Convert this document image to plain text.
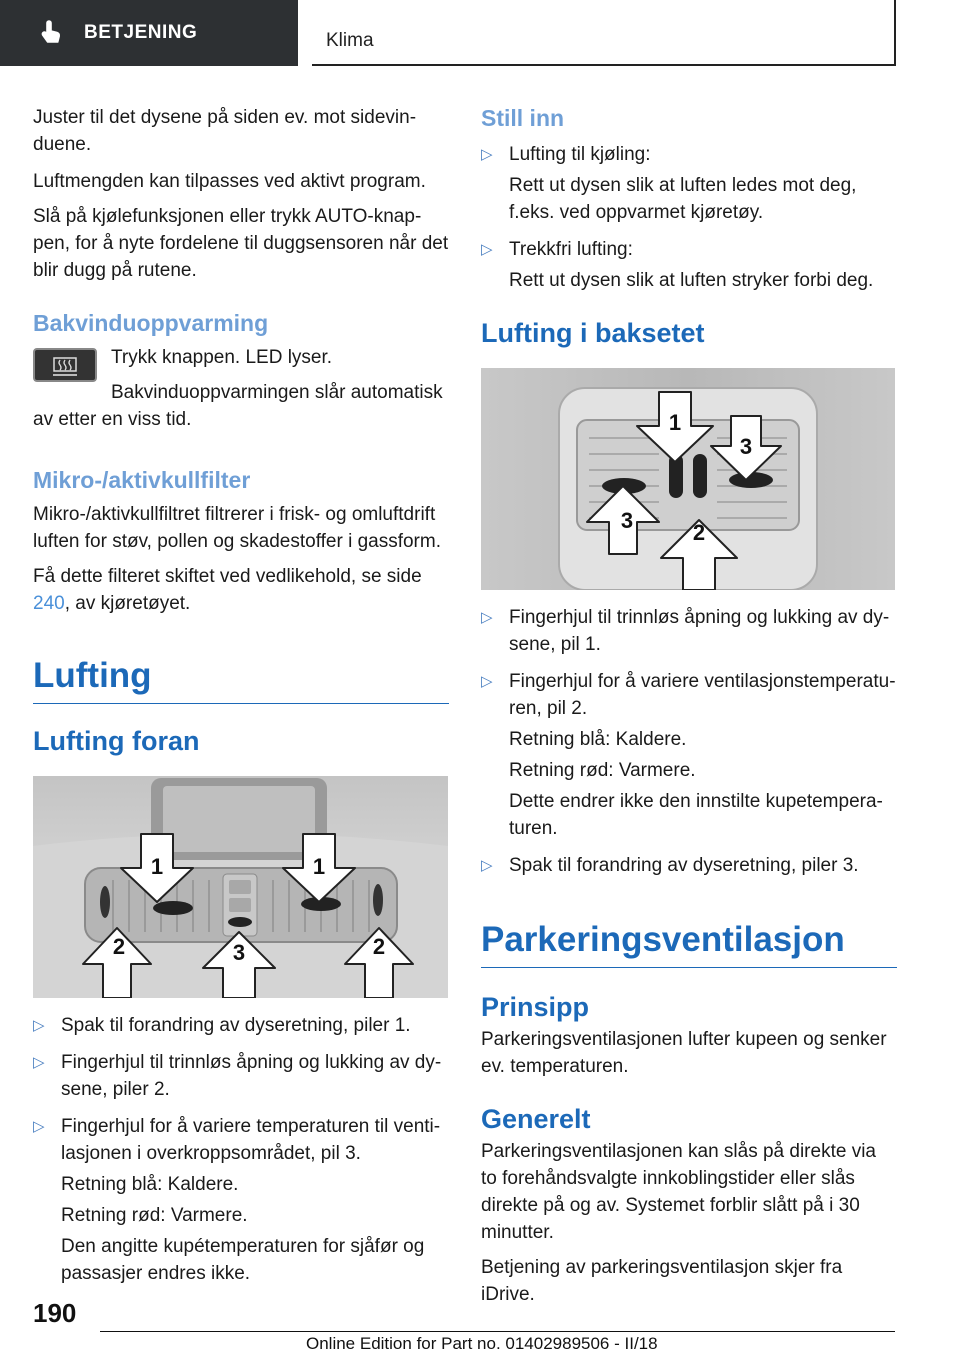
BETJENING	Klima

Juster til det dysene på siden ev. mot sidevinduene.

Luftmengden kan tilpasses ved aktivt program.

Slå på kjølefunksjonen eller trykk AUTO-knappen, for å nyte fordelene til duggsensoren når det blir dugg på rutene.

Bakvinduoppvarming

Trykk knappen. LED lyser.

Bakvinduoppvarmingen slår automatisk av etter en viss tid.

Mikro-/aktivkullfilter

Mikro-/aktivkullfiltret filtrerer i frisk- og omluftdrift luften for støv, pollen og skadestoffer i gassform.

Få dette filteret skiftet ved vedlikehold, se side 240, av kjøretøyet.

Lufting
Lufting foran
1	1
2	3	2
▷ Spak til forandring av dyseretning, piler 1.
▷ Fingerhjul til trinnløs åpning og lukking av dysene, piler 2.
▷ Fingerhjul for å variere temperaturen til ventilasjonen i overkroppsområdet, pil 3.
Retning blå: Kaldere.
Retning rød: Varmere.
Den angitte kupétemperaturen for sjåfør og passasjer endres ikke.
Still inn
▷ Lufting til kjøling:
Rett ut dysen slik at luften ledes mot deg, f.eks. ved oppvarmet kjøretøy.
▷ Trekkfri lufting:
Rett ut dysen slik at luften stryker forbi deg.
Lufting i baksetet
1
3
3	2
▷ Fingerhjul til trinnløs åpning og lukking av dysene, pil 1.
▷ Fingerhjul for å variere ventilasjonstemperaturen, pil 2.
Retning blå: Kaldere.
Retning rød: Varmere.
Dette endrer ikke den innstilte kupetemperaturen.
▷ Spak til forandring av dyseretning, piler 3.
Parkeringsventilasjon
Prinsipp

Parkeringsventilasjonen lufter kupeen og senker ev. temperaturen.

Generelt

Parkeringsventilasjonen kan slås på direkte via to forehåndsvalgte innkoblingstider eller slås direkte på og av. Systemet forblir slått på i 30 minutter.

Betjening av parkeringsventilasjon skjer fra iDrive.

190
Online Edition for Part no. 01402989506 - II/18
